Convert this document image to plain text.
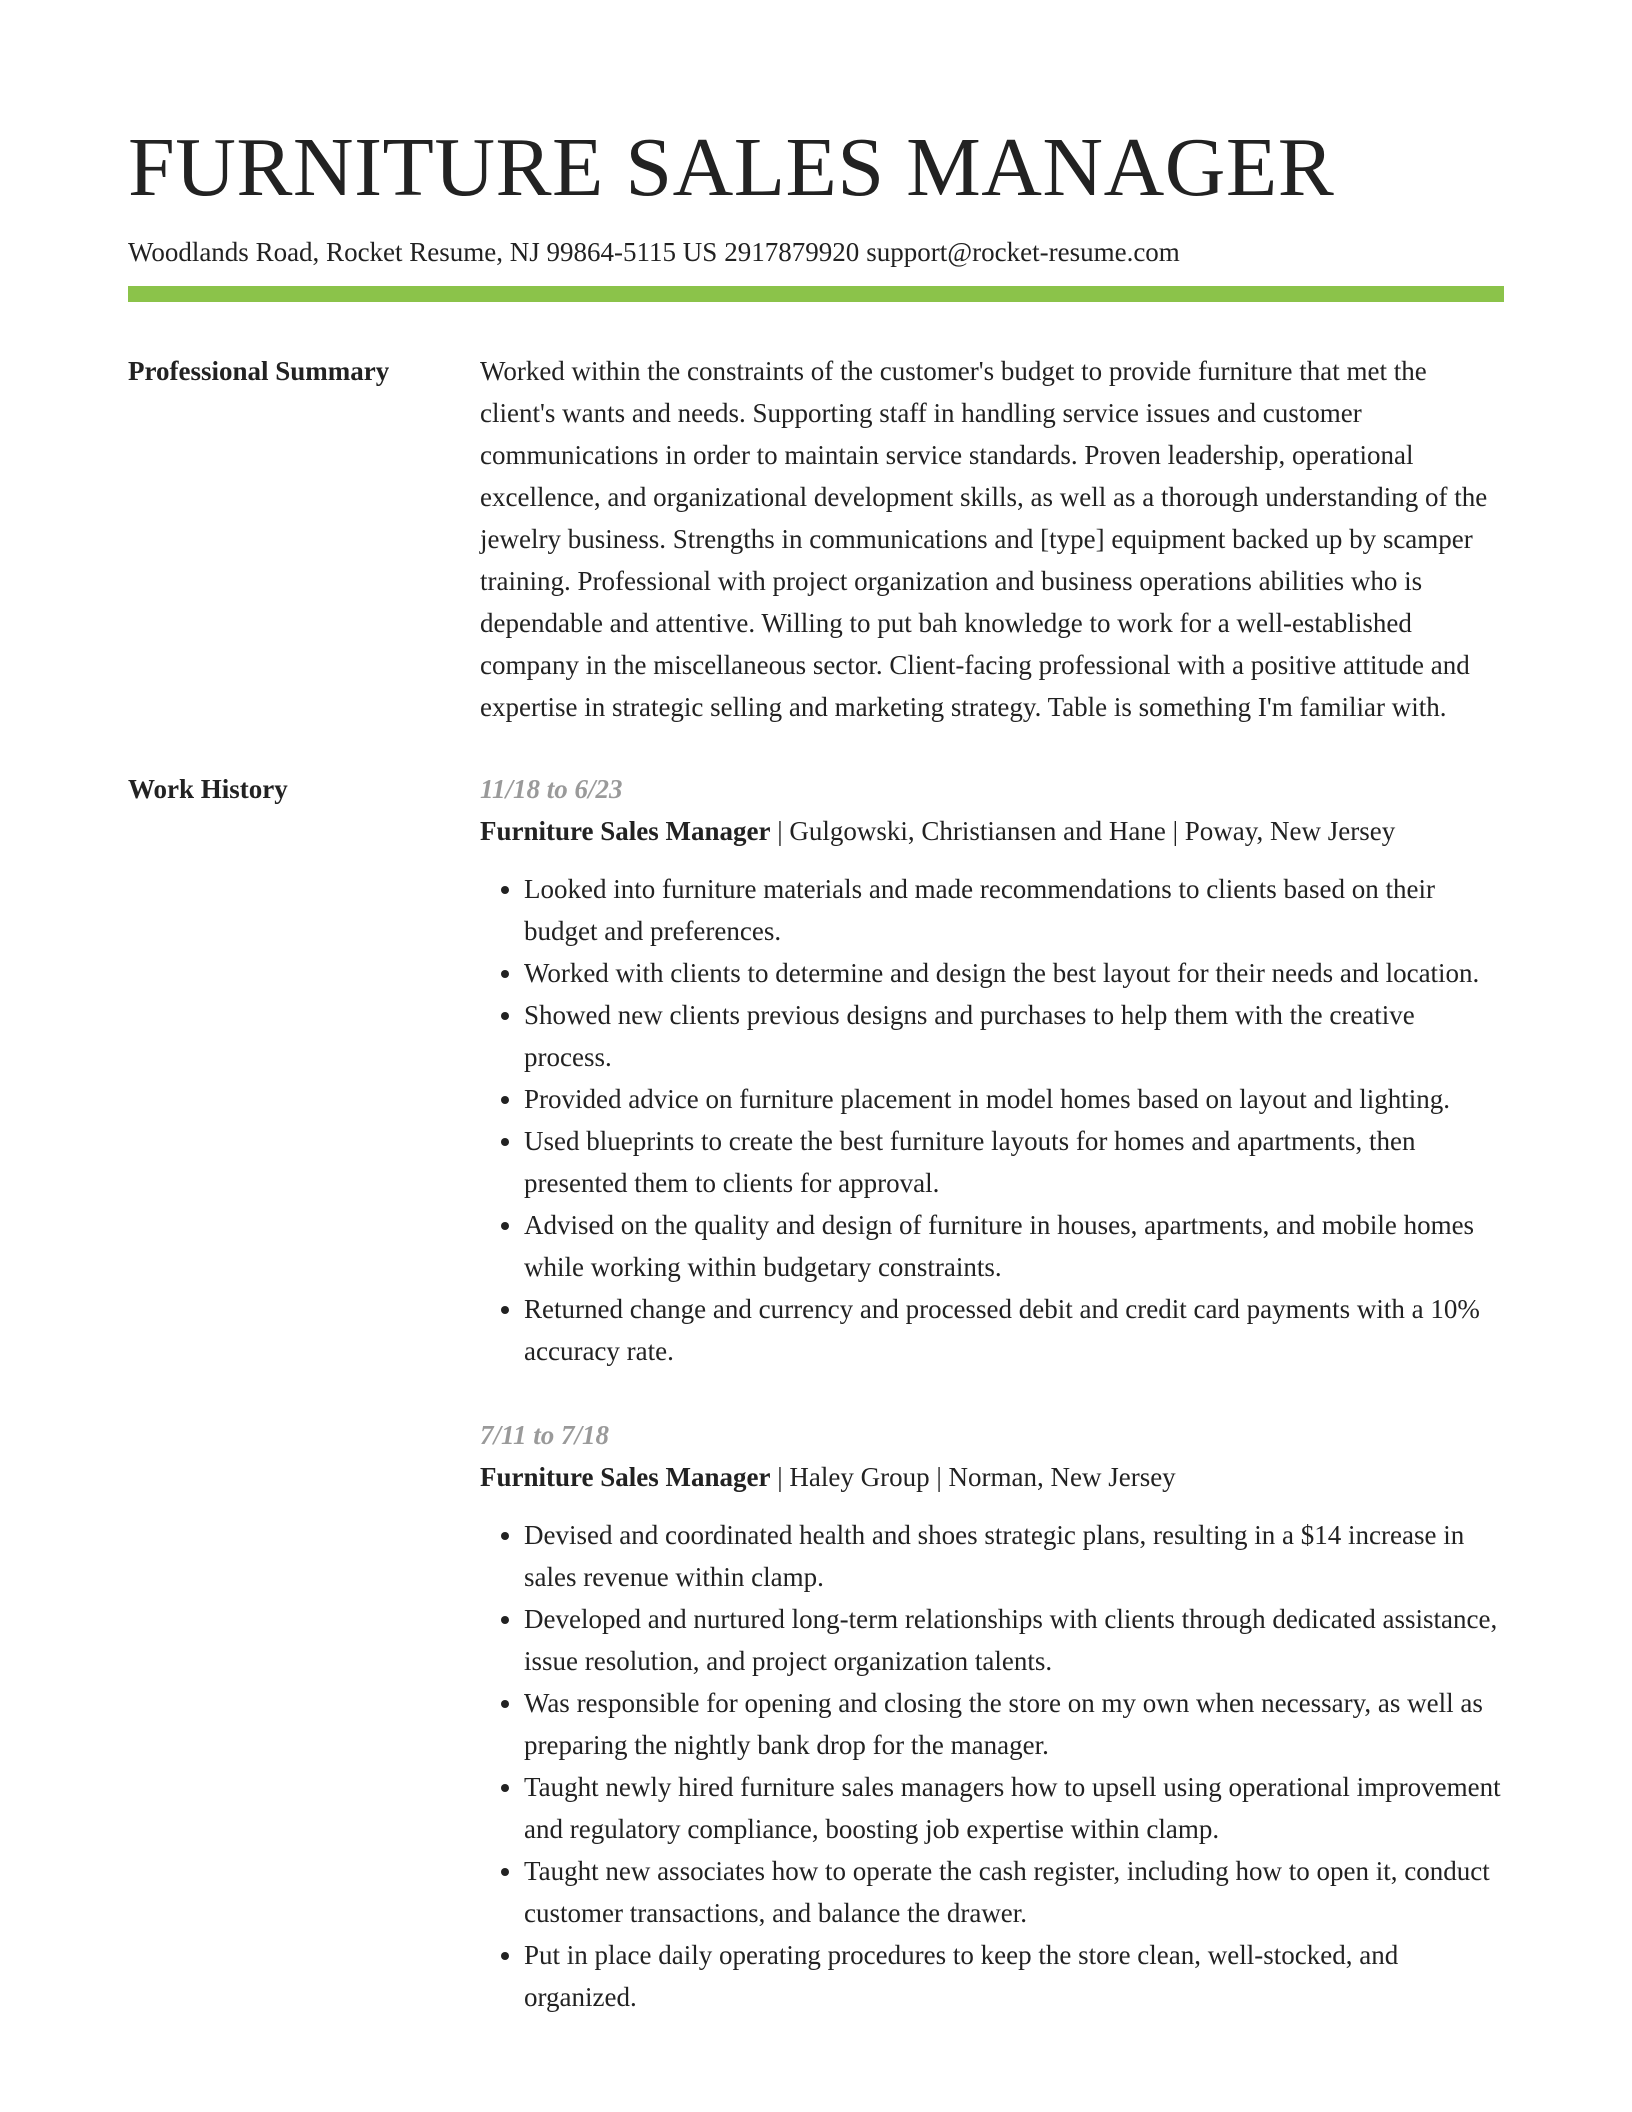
FURNITURE SALES MANAGER
Woodlands Road, Rocket Resume, NJ 99864-5115 US 2917879920 support@rocket-resume.com
Professional Summary	Worked within the constraints of the customer's budget to provide furniture that met the client's wants and needs. Supporting staff in handling service issues and customer communications in order to maintain service standards. Proven leadership, operational excellence, and organizational development skills, as well as a thorough understanding of the jewelry business. Strengths in communications and [type] equipment backed up by scamper training. Professional with project organization and business operations abilities who is dependable and attentive. Willing to put bah knowledge to work for a well-established company in the miscellaneous sector. Client-facing professional with a positive attitude and expertise in strategic selling and marketing strategy. Table is something I'm familiar with.

Work History	11/18 to 6/23
Furniture Sales Manager | Gulgowski, Christiansen and Hane | Poway, New Jersey
• Looked into furniture materials and made recommendations to clients based on their budget and preferences.
• Worked with clients to determine and design the best layout for their needs and location.
• Showed new clients previous designs and purchases to help them with the creative process.
• Provided advice on furniture placement in model homes based on layout and lighting.
• Used blueprints to create the best furniture layouts for homes and apartments, then presented them to clients for approval.
• Advised on the quality and design of furniture in houses, apartments, and mobile homes while working within budgetary constraints.
• Returned change and currency and processed debit and credit card payments with a 10% accuracy rate.
7/11 to 7/18
Furniture Sales Manager | Haley Group | Norman, New Jersey
• Devised and coordinated health and shoes strategic plans, resulting in a $14 increase in sales revenue within clamp.
• Developed and nurtured long-term relationships with clients through dedicated assistance, issue resolution, and project organization talents.
• Was responsible for opening and closing the store on my own when necessary, as well as preparing the nightly bank drop for the manager.
• Taught newly hired furniture sales managers how to upsell using operational improvement and regulatory compliance, boosting job expertise within clamp.
• Taught new associates how to operate the cash register, including how to open it, conduct customer transactions, and balance the drawer.
• Put in place daily operating procedures to keep the store clean, well-stocked, and organized.
